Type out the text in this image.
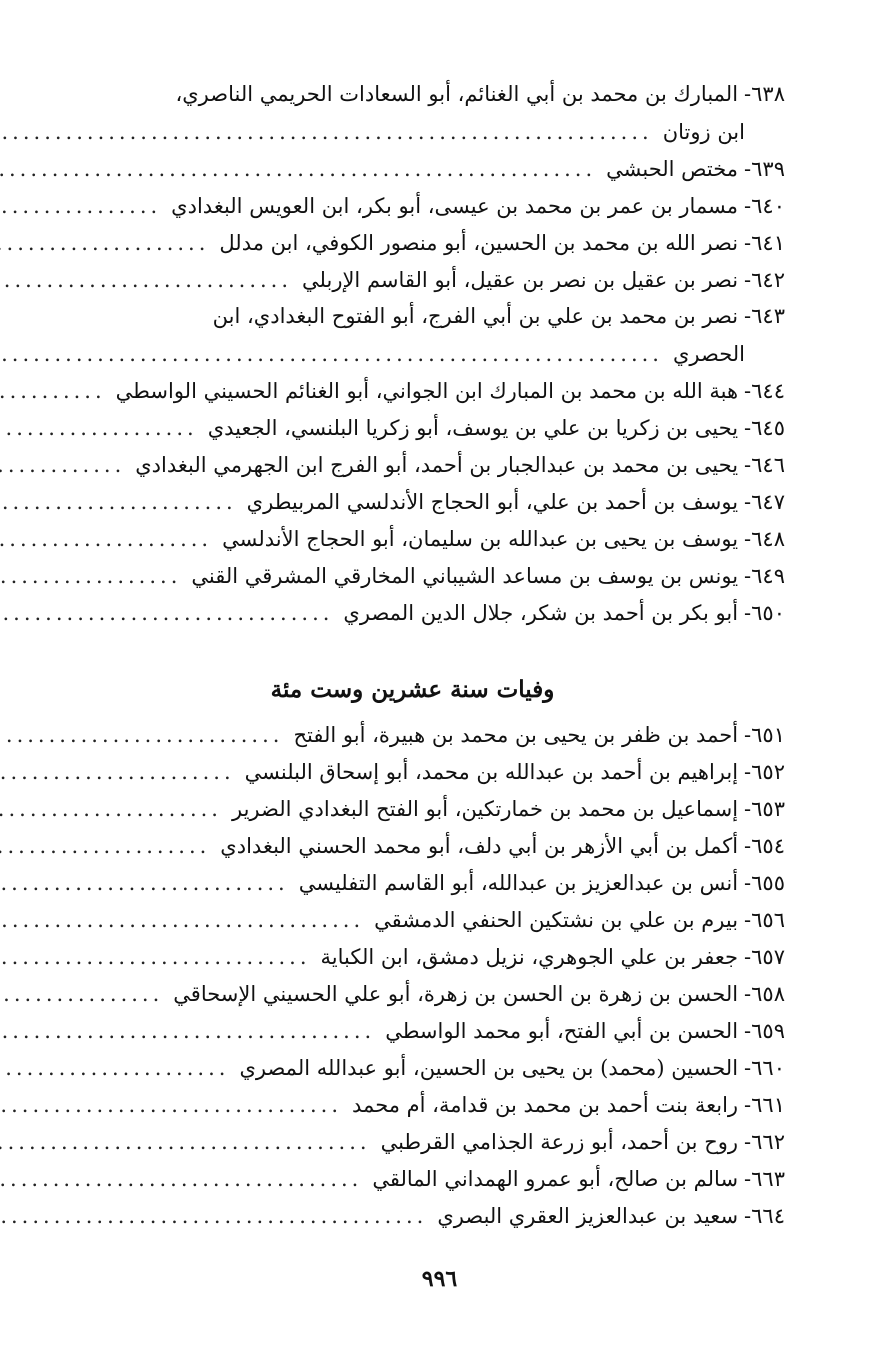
٦٣٨-
المبارك بن محمد بن أبي الغنائم، أبو السعادات الحريمي الناصري،
ابن زوتان
.....
٦٣٩-
مختص الحبشي
.....
٦٤٠-
مسمار بن عمر بن محمد بن عيسى، أبو بكر، ابن العويس البغدادي
.....
٦٤١-
نصر الله بن محمد بن الحسين، أبو منصور الكوفي، ابن مدلل
.....
٦٤٢-
نصر بن عقيل بن نصر بن عقيل، أبو القاسم الإربلي
.....
٦٤٣-
نصر بن محمد بن علي بن أبي الفرج، أبو الفتوح البغدادي، ابن
الحصري
.....
٦٤٤-
هبة الله بن محمد بن المبارك ابن الجواني، أبو الغنائم الحسيني الواسطي
.....
٦٤٥-
يحيى بن زكريا بن علي بن يوسف، أبو زكريا البلنسي، الجعيدي
.....
٦٤٦-
يحيى بن محمد بن عبدالجبار بن أحمد، أبو الفرج ابن الجهرمي البغدادي
.....
٦٤٧-
يوسف بن أحمد بن علي، أبو الحجاج الأندلسي المربيطري
.....
٦٤٨-
يوسف بن يحيى بن عبدالله بن سليمان، أبو الحجاج الأندلسي
.....
٦٤٩-
يونس بن يوسف بن مساعد الشيباني المخارقي المشرقي القني
.....
٦٥٠-
أبو بكر بن أحمد بن شكر، جلال الدين المصري
.....
وفيات سنة عشرين وست مئة
٦٥١-
أحمد بن ظفر بن يحيى بن محمد بن هبيرة، أبو الفتح
.....
٦٥٢-
إبراهيم بن أحمد بن عبدالله بن محمد، أبو إسحاق البلنسي
.....
٦٥٣-
إسماعيل بن محمد بن خمارتكين، أبو الفتح البغدادي الضرير
.....
٦٥٤-
أكمل بن أبي الأزهر بن أبي دلف، أبو محمد الحسني البغدادي
.....
٦٥٥-
أنس بن عبدالعزيز بن عبدالله، أبو القاسم التفليسي
.....
٦٥٦-
بيرم بن علي بن نشتكين الحنفي الدمشقي
.....
٦٥٧-
جعفر بن علي الجوهري، نزيل دمشق، ابن الكباية
.....
٦٥٨-
الحسن بن زهرة بن الحسن بن زهرة، أبو علي الحسيني الإسحاقي
.....
٦٥٩-
الحسن بن أبي الفتح، أبو محمد الواسطي
.....
٦٦٠-
الحسين (محمد) بن يحيى بن الحسين، أبو عبدالله المصري
.....
٦٦١-
رابعة بنت أحمد بن محمد بن قدامة، أم محمد
.....
٦٦٢-
روح بن أحمد، أبو زرعة الجذامي القرطبي
.....
٦٦٣-
سالم بن صالح، أبو عمرو الهمداني المالقي
.....
٦٦٤-
سعيد بن عبدالعزيز العقري البصري
.....
٩٩٦
